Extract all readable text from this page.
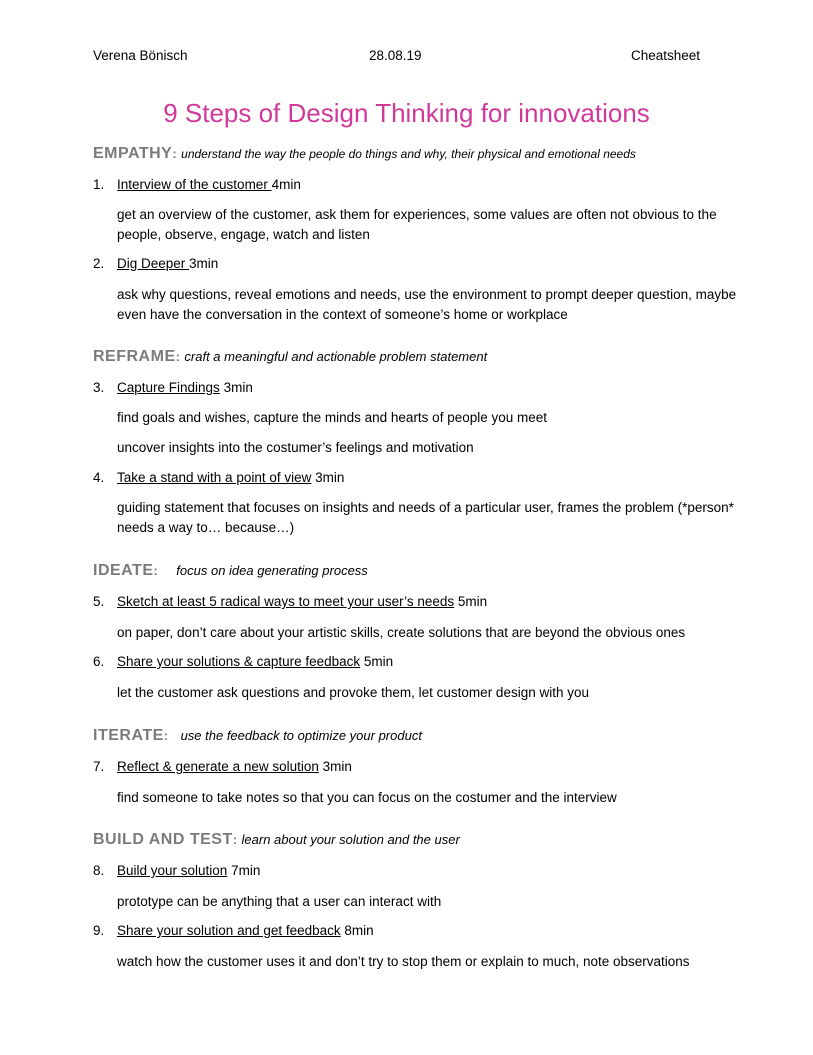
Verena Bönisch	28.08.19	Cheatsheet
9 Steps of Design Thinking for innovations
EMPATHY: understand the way the people do things and why, their physical and emotional needs
1. Interview of the customer 4min

get an overview of the customer, ask them for experiences, some values are often not obvious to the people, observe, engage, watch and listen

2. Dig Deeper 3min

ask why questions, reveal emotions and needs, use the environment to prompt deeper question, maybe even have the conversation in the context of someone’s home or workplace

REFRAME: craft a meaningful and actionable problem statement
3. Capture Findings 3min

find goals and wishes, capture the minds and hearts of people you meet

uncover insights into the costumer’s feelings and motivation

4. Take a stand with a point of view 3min

guiding statement that focuses on insights and needs of a particular user, frames the problem (*person* needs a way to… because…)

IDEATE: focus on idea generating process
5. Sketch at least 5 radical ways to meet your user’s needs 5min

on paper, don’t care about your artistic skills, create solutions that are beyond the obvious ones

6. Share your solutions & capture feedback 5min

let the customer ask questions and provoke them, let customer design with you

ITERATE: use the feedback to optimize your product
7. Reflect & generate a new solution 3min

find someone to take notes so that you can focus on the costumer and the interview

BUILD AND TEST: learn about your solution and the user
8. Build your solution 7min

prototype can be anything that a user can interact with

9. Share your solution and get feedback 8min

watch how the customer uses it and don’t try to stop them or explain to much, note observations
